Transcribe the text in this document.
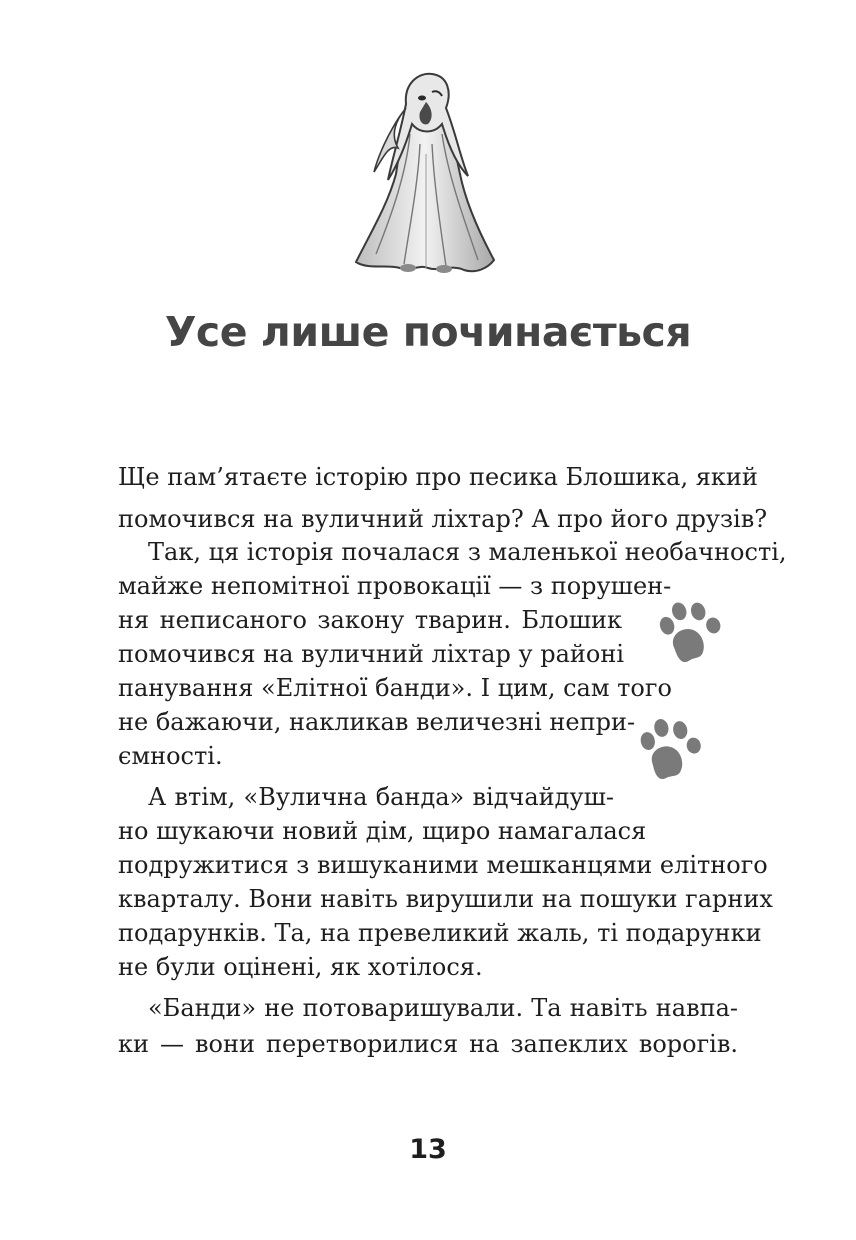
Усе лише починається
Ще пам’ятаєте історію про песика Блошика, який
помочився на вуличний ліхтар? А про його друзів?
Так, ця історія почалася з маленької необачності,
майже непомітної провокації — з порушен-
ня неписаного закону тварин. Блошик
помочився на вуличний ліхтар у районі
панування «Елітної банди». І цим, сам того
не бажаючи, накликав величезні непри-
ємності.
А втім, «Вулична банда» відчайдуш-
но шукаючи новий дім, щиро намагалася
подружитися з вишуканими мешканцями елітного
кварталу. Вони навіть вирушили на пошуки гарних
подарунків. Та, на превеликий жаль, ті подарунки
не були оцінені, як хотілося.
«Банди» не потоваришували. Та навіть навпа-
ки — вони перетворилися на запеклих ворогів.
13
